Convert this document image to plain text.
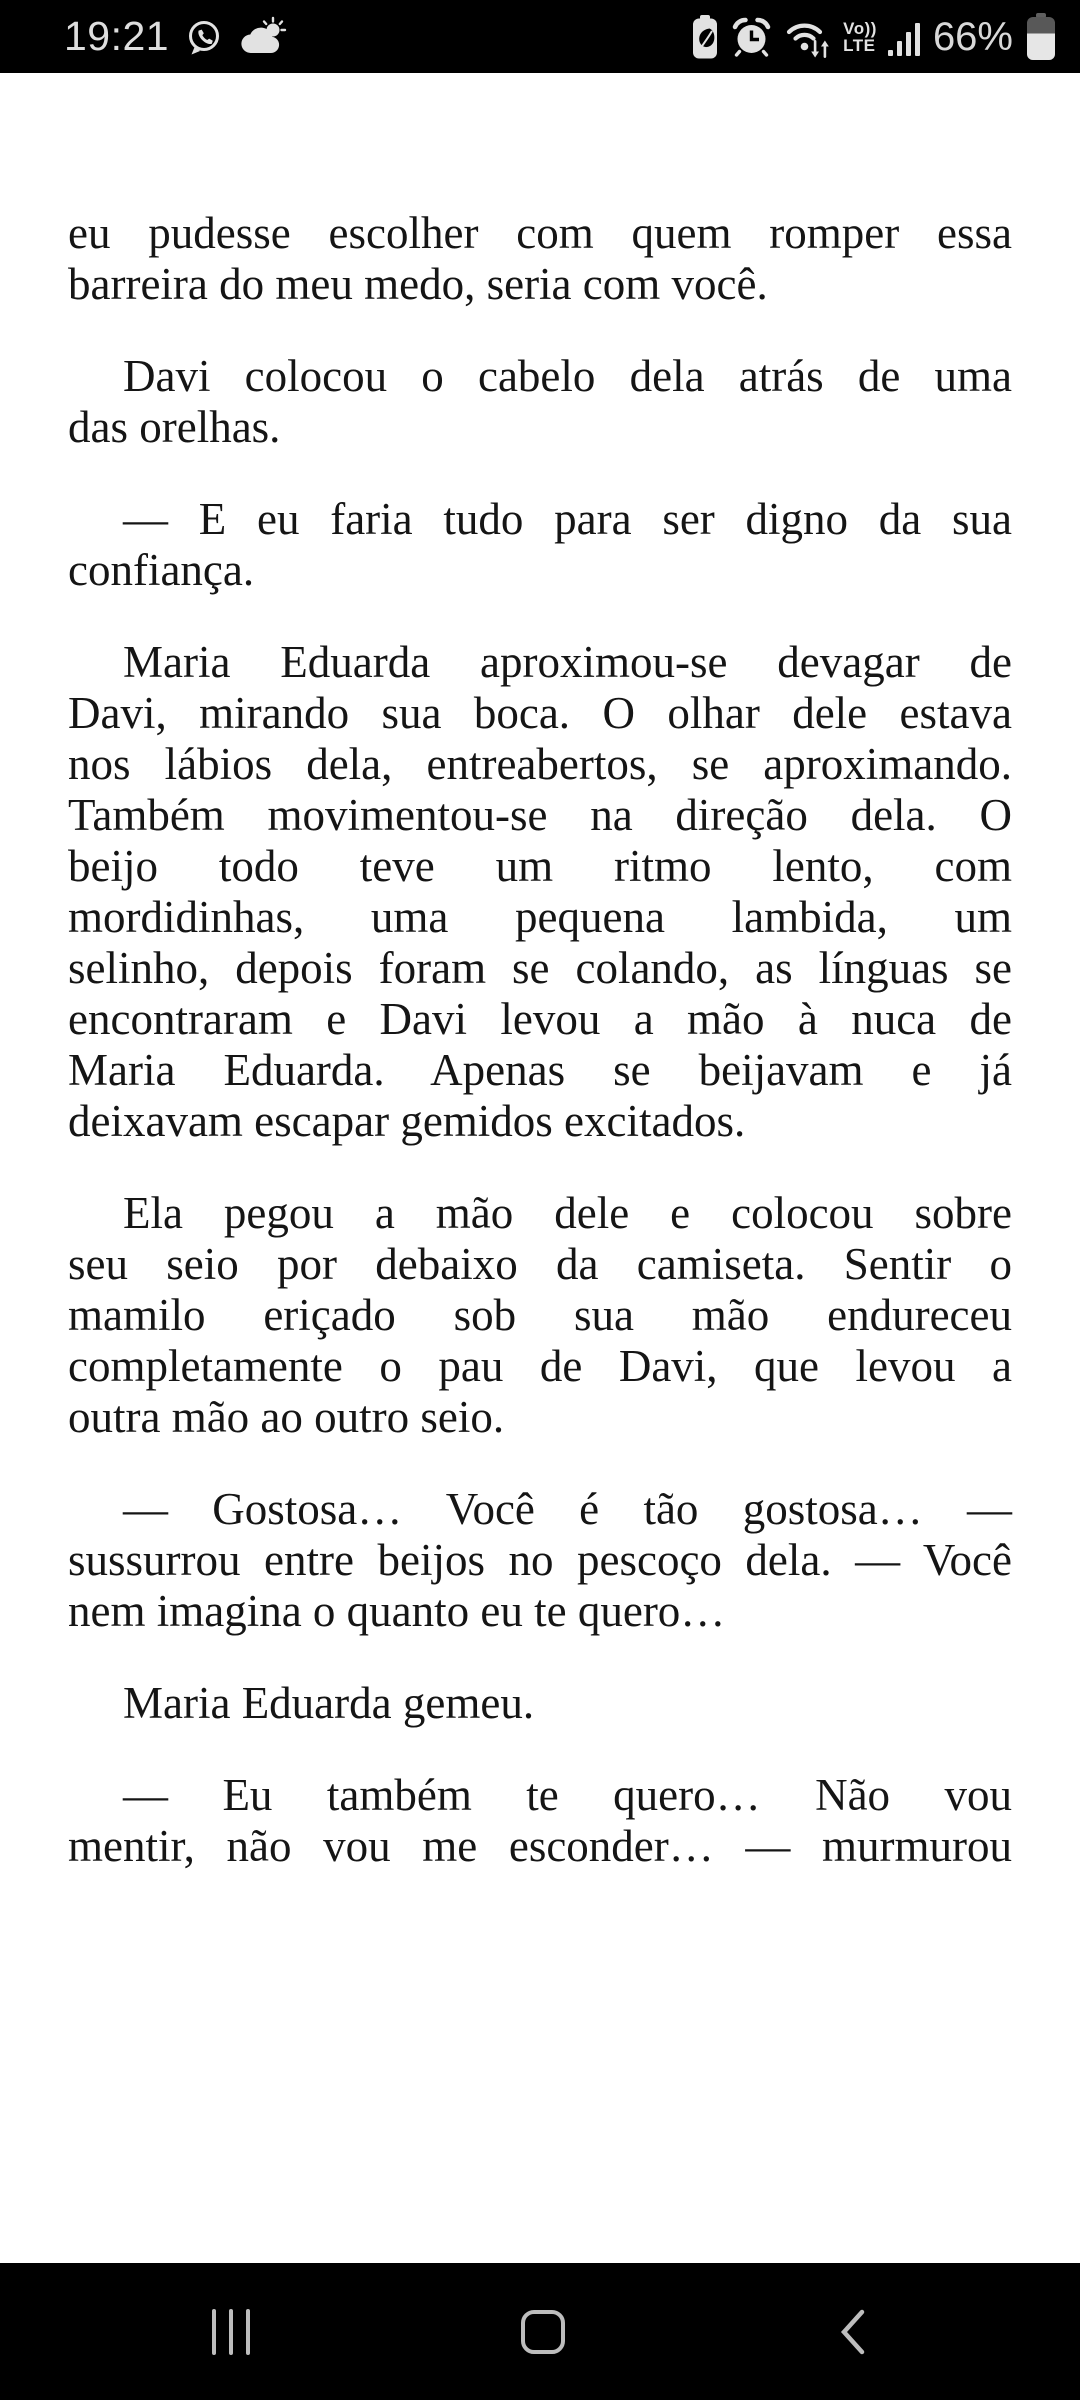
19:21	Vo))
LTE 66%
eu pudesse escolher com quem romper essa
barreira do meu medo, seria com você.
Davi colocou o cabelo dela atrás de uma
das orelhas.
— E eu faria tudo para ser digno da sua
confiança.
Maria Eduarda aproximou-se devagar de
Davi, mirando sua boca. O olhar dele estava
nos lábios dela, entreabertos, se aproximando.
Também movimentou-se na direção dela. O
beijo todo teve um ritmo lento, com
mordidinhas, uma pequena lambida, um
selinho, depois foram se colando, as línguas se
encontraram e Davi levou a mão à nuca de
Maria Eduarda. Apenas se beijavam e já
deixavam escapar gemidos excitados.
Ela pegou a mão dele e colocou sobre
seu seio por debaixo da camiseta. Sentir o
mamilo eriçado sob sua mão endureceu
completamente o pau de Davi, que levou a
outra mão ao outro seio.
— Gostosa… Você é tão gostosa… —
sussurrou entre beijos no pescoço dela. — Você
nem imagina o quanto eu te quero…
Maria Eduarda gemeu.
— Eu também te quero… Não vou
mentir, não vou me esconder… — murmurou
